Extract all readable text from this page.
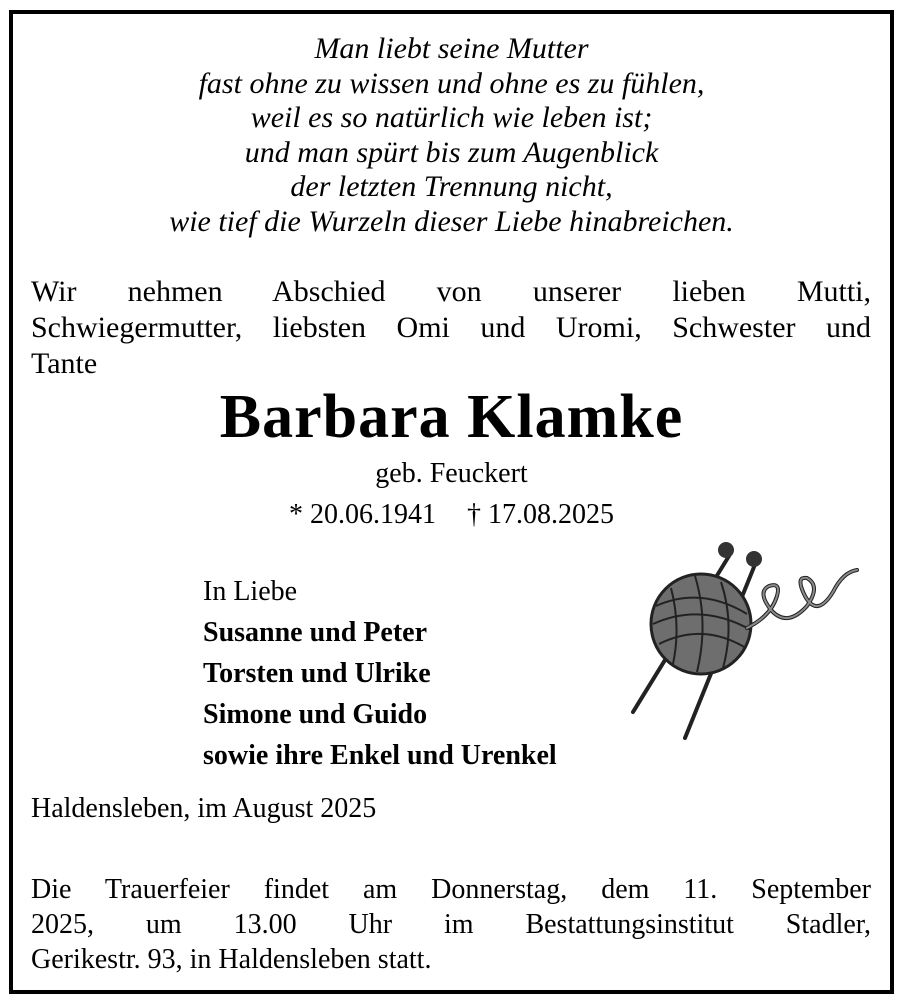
Man liebt seine Mutter
fast ohne zu wissen und ohne es zu fühlen,
weil es so natürlich wie leben ist;
und man spürt bis zum Augenblick
der letzten Trennung nicht,
wie tief die Wurzeln dieser Liebe hinabreichen.
Wir nehmen Abschied von unserer lieben Mutti,
Schwiegermutter, liebsten Omi und Uromi, Schwester und
Tante
Barbara Klamke
geb. Feuckert
* 20.06.1941 † 17.08.2025
In Liebe
Susanne und Peter
Torsten und Ulrike
Simone und Guido
sowie ihre Enkel und Urenkel
Haldensleben, im August 2025
Die Trauerfeier findet am Donnerstag, dem 11. September
2025, um 13.00 Uhr im Bestattungsinstitut Stadler,
Gerikestr. 93, in Haldensleben statt.
